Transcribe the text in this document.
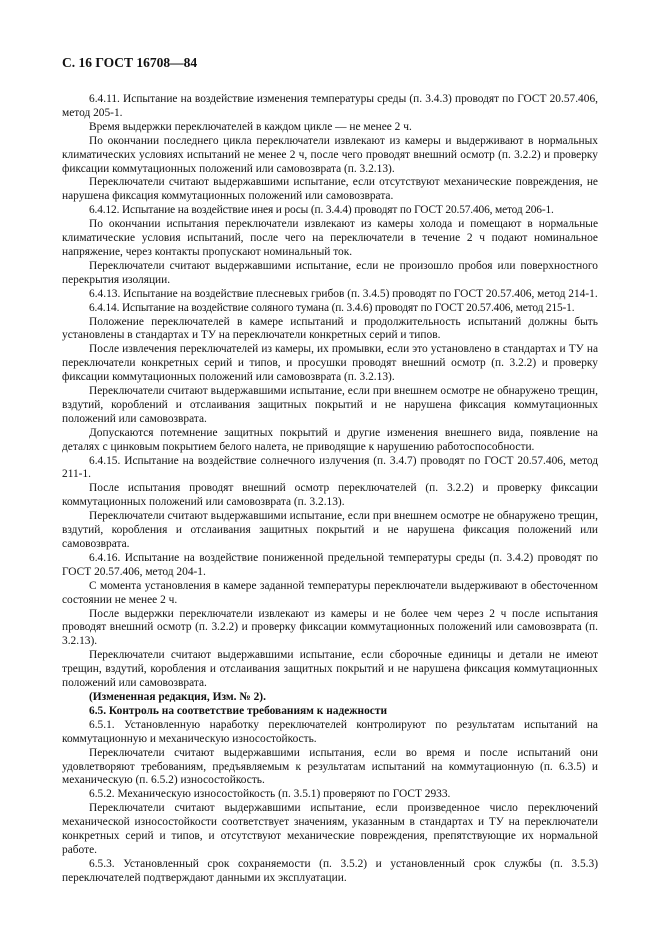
С. 16 ГОСТ 16708—84

6.4.11. Испытание на воздействие изменения температуры среды (п. 3.4.3) проводят по ГОСТ 20.57.406, метод 205-1.

Время выдержки переключателей в каждом цикле — не менее 2 ч.

По окончании последнего цикла переключатели извлекают из камеры и выдерживают в нормальных климатических условиях испытаний не менее 2 ч, после чего проводят внешний осмотр (п. 3.2.2) и проверку фиксации коммутационных положений или самовозврата (п. 3.2.13).

Переключатели считают выдержавшими испытание, если отсутствуют механические повреждения, не нарушена фиксация коммутационных положений или самовозврата.

6.4.12. Испытание на воздействие инея и росы (п. 3.4.4) проводят по ГОСТ 20.57.406, метод 206-1.

По окончании испытания переключатели извлекают из камеры холода и помещают в нормальные климатические условия испытаний, после чего на переключатели в течение 2 ч подают номинальное напряжение, через контакты пропускают номинальный ток.

Переключатели считают выдержавшими испытание, если не произошло пробоя или поверхностного перекрытия изоляции.

6.4.13. Испытание на воздействие плесневых грибов (п. 3.4.5) проводят по ГОСТ 20.57.406, метод 214-1.

6.4.14. Испытание на воздействие соляного тумана (п. 3.4.6) проводят по ГОСТ 20.57.406, метод 215-1.

Положение переключателей в камере испытаний и продолжительность испытаний должны быть установлены в стандартах и ТУ на переключатели конкретных серий и типов.

После извлечения переключателей из камеры, их промывки, если это установлено в стандартах и ТУ на переключатели конкретных серий и типов, и просушки проводят внешний осмотр (п. 3.2.2) и проверку фиксации коммутационных положений или самовозврата (п. 3.2.13).

Переключатели считают выдержавшими испытание, если при внешнем осмотре не обнаружено трещин, вздутий, короблений и отслаивания защитных покрытий и не нарушена фиксация коммутационных положений или самовозврата.

Допускаются потемнение защитных покрытий и другие изменения внешнего вида, появление на деталях с цинковым покрытием белого налета, не приводящие к нарушению работоспособности.

6.4.15. Испытание на воздействие солнечного излучения (п. 3.4.7) проводят по ГОСТ 20.57.406, метод 211-1.

После испытания проводят внешний осмотр переключателей (п. 3.2.2) и проверку фиксации коммутационных положений или самовозврата (п. 3.2.13).

Переключатели считают выдержавшими испытание, если при внешнем осмотре не обнаружено трещин, вздутий, коробления и отслаивания защитных покрытий и не нарушена фиксация положений или самовозврата.

6.4.16. Испытание на воздействие пониженной предельной температуры среды (п. 3.4.2) проводят по ГОСТ 20.57.406, метод 204-1.

С момента установления в камере заданной температуры переключатели выдерживают в обесточенном состоянии не менее 2 ч.

После выдержки переключатели извлекают из камеры и не более чем через 2 ч после испытания проводят внешний осмотр (п. 3.2.2) и проверку фиксации коммутационных положений или самовозврата (п. 3.2.13).

Переключатели считают выдержавшими испытание, если сборочные единицы и детали не имеют трещин, вздутий, коробления и отслаивания защитных покрытий и не нарушена фиксация коммутационных положений или самовозврата.

(Измененная редакция, Изм. № 2).

6.5. Контроль на соответствие требованиям к надежности

6.5.1. Установленную наработку переключателей контролируют по результатам испытаний на коммутационную и механическую износостойкость.

Переключатели считают выдержавшими испытания, если во время и после испытаний они удовлетворяют требованиям, предъявляемым к результатам испытаний на коммутационную (п. 6.3.5) и механическую (п. 6.5.2) износостойкость.

6.5.2. Механическую износостойкость (п. 3.5.1) проверяют по ГОСТ 2933.

Переключатели считают выдержавшими испытание, если произведенное число переключений механической износостойкости соответствует значениям, указанным в стандартах и ТУ на переключатели конкретных серий и типов, и отсутствуют механические повреждения, препятствующие их нормальной работе.

6.5.3. Установленный срок сохраняемости (п. 3.5.2) и установленный срок службы (п. 3.5.3) переключателей подтверждают данными их эксплуатации.
